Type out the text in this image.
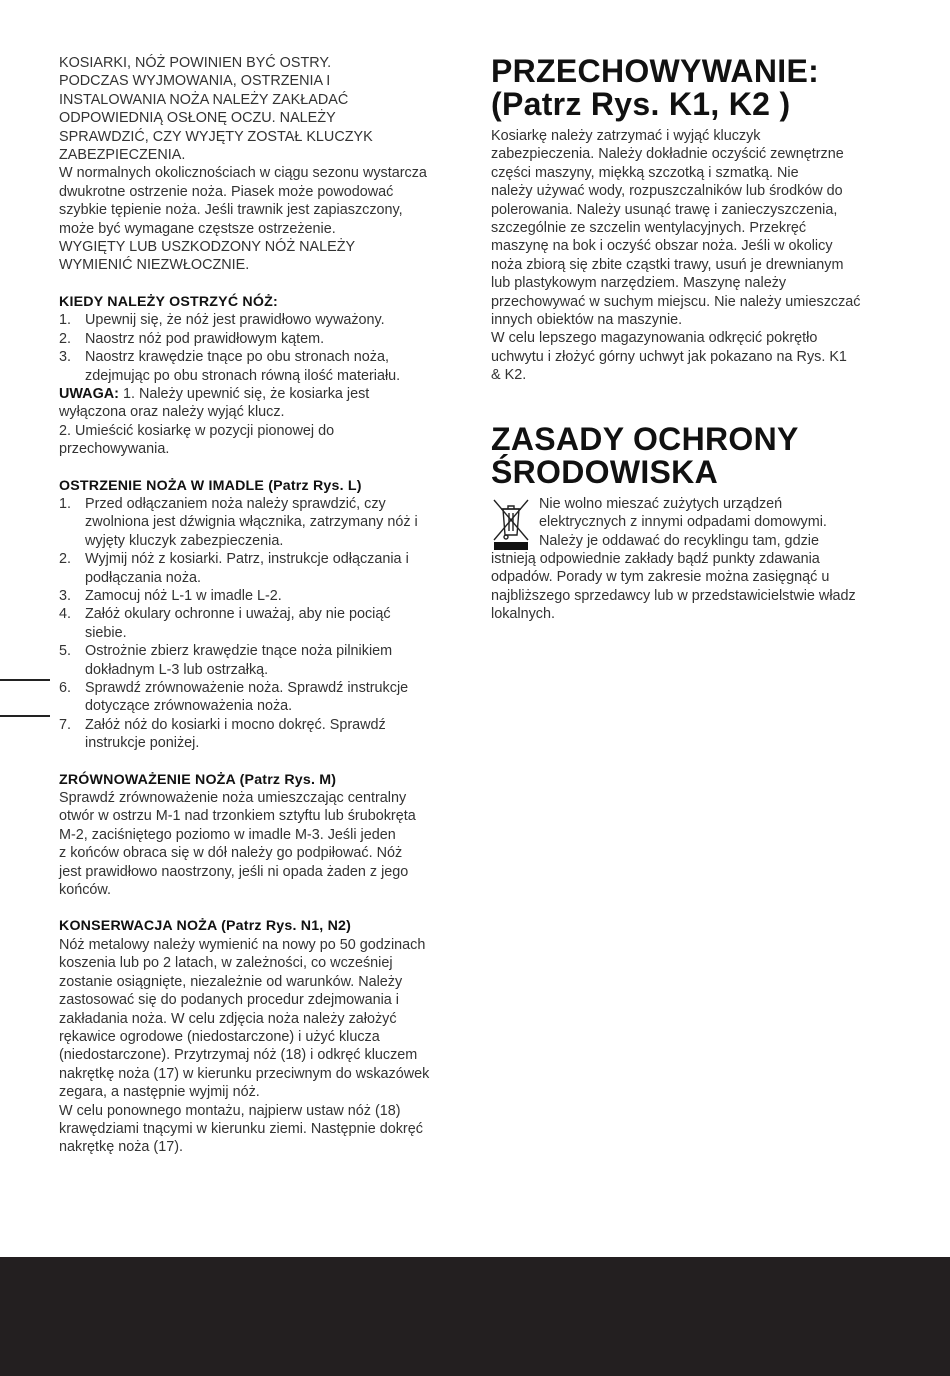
KOSIARKI, NÓŻ POWINIEN BYĆ OSTRY.
PODCZAS WYJMOWANIA, OSTRZENIA I
INSTALOWANIA NOŻA NALEŻY ZAKŁADAĆ
ODPOWIEDNIĄ OSŁONĘ OCZU. NALEŻY
SPRAWDZIĆ, CZY WYJĘTY ZOSTAŁ KLUCZYK
ZABEZPIECZENIA.
W normalnych okolicznościach w ciągu sezonu wystarcza
dwukrotne ostrzenie noża. Piasek może powodować
szybkie tępienie noża. Jeśli trawnik jest zapiaszczony,
może być wymagane częstsze ostrzeżenie.
WYGIĘTY LUB USZKODZONY NÓŻ NALEŻY
WYMIENIĆ NIEZWŁOCZNIE.
KIEDY NALEŻY OSTRZYĆ NÓŻ:
1. Upewnij się, że nóż jest prawidłowo wyważony.
2. Naostrz nóż pod prawidłowym kątem.
3. Naostrz krawędzie tnące po obu stronach noża,
zdejmując po obu stronach równą ilość materiału.
UWAGA: 1. Należy upewnić się, że kosiarka jest
wyłączona oraz należy wyjąć klucz.
2. Umieścić kosiarkę w pozycji pionowej do
przechowywania.
OSTRZENIE NOŻA W IMADLE (Patrz Rys. L)
1. Przed odłączaniem noża należy sprawdzić, czy
zwolniona jest dźwignia włącznika, zatrzymany nóż i
wyjęty kluczyk zabezpieczenia.
2. Wyjmij nóż z kosiarki. Patrz, instrukcje odłączania i
podłączania noża.
3. Zamocuj nóż L-1 w imadle L-2.
4. Załóż okulary ochronne i uważaj, aby nie pociąć
siebie.
5. Ostrożnie zbierz krawędzie tnące noża pilnikiem
dokładnym L-3 lub ostrzałką.
6. Sprawdź zrównoważenie noża. Sprawdź instrukcje
dotyczące zrównoważenia noża.
7. Załóż nóż do kosiarki i mocno dokręć. Sprawdź
instrukcje poniżej.
ZRÓWNOWAŻENIE NOŻA (Patrz Rys. M)
Sprawdź zrównoważenie noża umieszczając centralny
otwór w ostrzu M-1 nad trzonkiem sztyftu lub śrubokręta
M-2, zaciśniętego poziomo w imadle M-3. Jeśli jeden
z końców obraca się w dół należy go podpiłować. Nóż
jest prawidłowo naostrzony, jeśli ni opada żaden z jego
końców.
KONSERWACJA NOŻA (Patrz Rys. N1, N2)
Nóż metalowy należy wymienić na nowy po 50 godzinach
koszenia lub po 2 latach, w zależności, co wcześniej
zostanie osiągnięte, niezależnie od warunków. Należy
zastosować się do podanych procedur zdejmowania i
zakładania noża. W celu zdjęcia noża należy założyć
rękawice ogrodowe (niedostarczone) i użyć klucza
(niedostarczone). Przytrzymaj nóż (18) i odkręć kluczem
nakrętkę noża (17) w kierunku przeciwnym do wskazówek
zegara, a następnie wyjmij nóż.
W celu ponownego montażu, najpierw ustaw nóż (18)
krawędziami tnącymi w kierunku ziemi. Następnie dokręć
nakrętkę noża (17).
PRZECHOWYWANIE:
(Patrz Rys. K1, K2 )
Kosiarkę należy zatrzymać i wyjąć kluczyk
zabezpieczenia. Należy dokładnie oczyścić zewnętrzne
części maszyny, miękką szczotką i szmatką. Nie
należy używać wody, rozpuszczalników lub środków do
polerowania. Należy usunąć trawę i zanieczyszczenia,
szczególnie ze szczelin wentylacyjnych. Przekręć
maszynę na bok i oczyść obszar noża. Jeśli w okolicy
noża zbiorą się zbite cząstki trawy, usuń je drewnianym
lub plastykowym narzędziem. Maszynę należy
przechowywać w suchym miejscu. Nie należy umieszczać
innych obiektów na maszynie.
W celu lepszego magazynowania odkręcić pokrętło
uchwytu i złożyć górny uchwyt jak pokazano na Rys. K1
& K2.
ZASADY OCHRONY
ŚRODOWISKA
Nie wolno mieszać zużytych urządzeń
elektrycznych z innymi odpadami domowymi.
Należy je oddawać do recyklingu tam, gdzie
istnieją odpowiednie zakłady bądź punkty zdawania
odpadów. Porady w tym zakresie można zasięgnąć u
najbliższego sprzedawcy lub w przedstawicielstwie władz
lokalnych.
